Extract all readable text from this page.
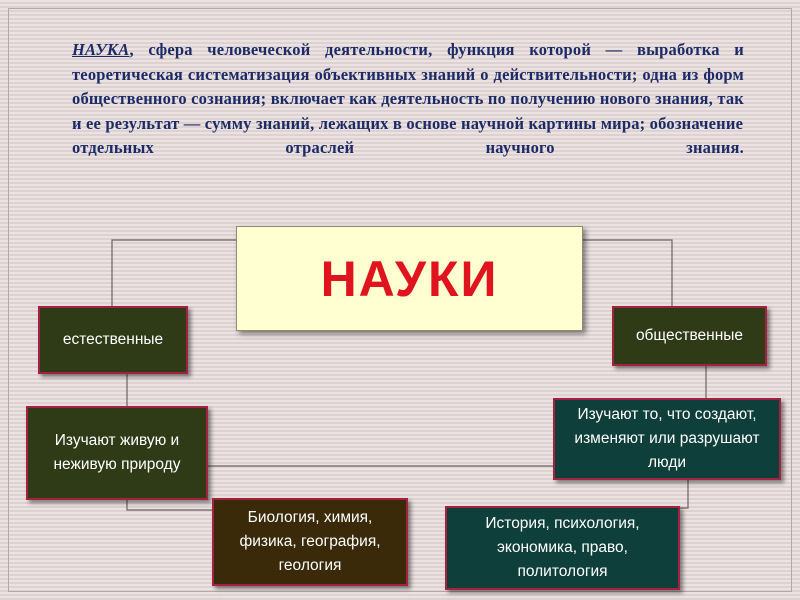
НАУКА, сфера человеческой деятельности, функция которой — выработка и теоретическая систематизация объективных знаний о действительности; одна из форм общественного сознания; включает как деятельность по получению нового знания, так и ее результат — сумму знаний, лежащих в основе научной картины мира; обозначение
отдельных отраслей научного знания.
НАУКИ
естественные	общественные
Изучают живую и неживую природу
Изучают то, что создают, изменяют или разрушают люди
Биология, химия, физика, география, геология
История, психология, экономика, право, политология
